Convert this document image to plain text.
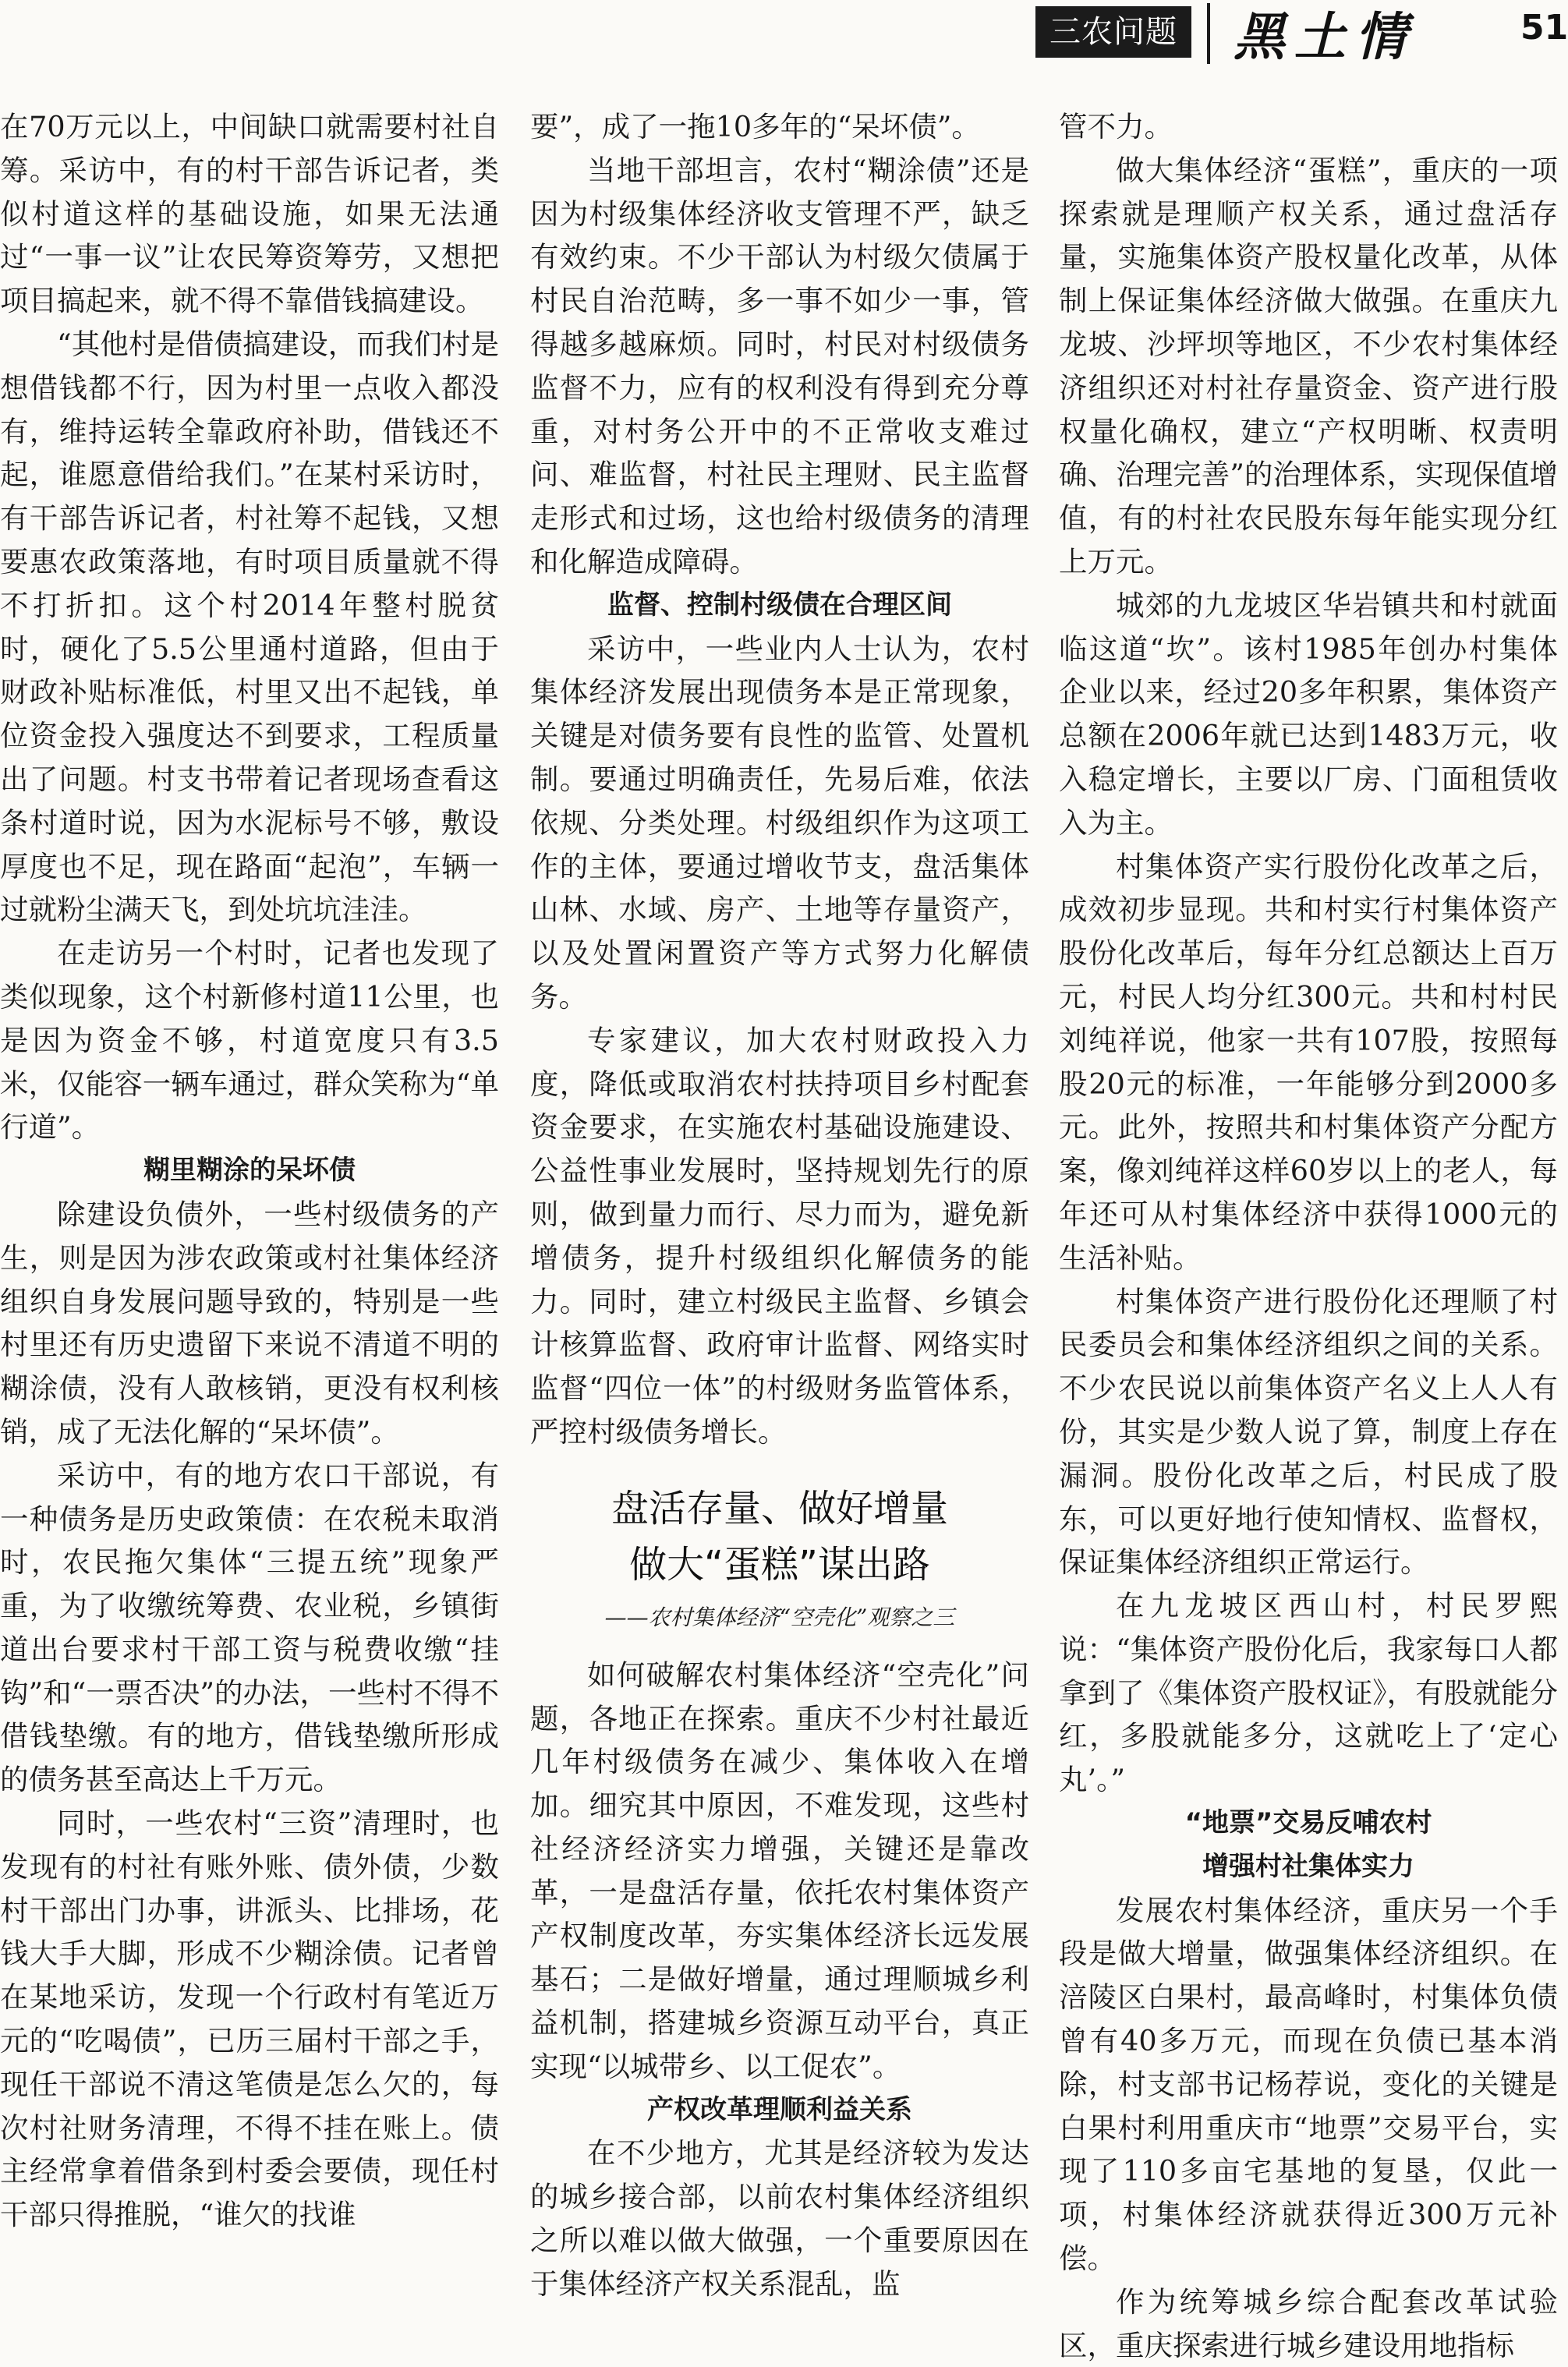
三农问题 黑土情	51

在70万元以上，中间缺口就需要村社自筹。采访中，有的村干部告诉记者，类似村道这样的基础设施，如果无法通过“一事一议”让农民筹资筹劳，又想把项目搞起来，就不得不靠借钱搞建设。

“其他村是借债搞建设，而我们村是想借钱都不行，因为村里一点收入都没有，维持运转全靠政府补助，借钱还不起，谁愿意借给我们。”在某村采访时，有干部告诉记者，村社筹不起钱，又想要惠农政策落地，有时项目质量就不得不打折扣。这个村2014年整村脱贫时，硬化了5.5公里通村道路，但由于财政补贴标准低，村里又出不起钱，单位资金投入强度达不到要求，工程质量出了问题。村支书带着记者现场查看这条村道时说，因为水泥标号不够，敷设厚度也不足，现在路面“起泡”，车辆一过就粉尘满天飞，到处坑坑洼洼。

在走访另一个村时，记者也发现了类似现象，这个村新修村道11公里，也是因为资金不够，村道宽度只有3.5米，仅能容一辆车通过，群众笑称为“单行道”。

糊里糊涂的呆坏债

除建设负债外，一些村级债务的产生，则是因为涉农政策或村社集体经济组织自身发展问题导致的，特别是一些村里还有历史遗留下来说不清道不明的糊涂债，没有人敢核销，更没有权利核销，成了无法化解的“呆坏债”。

采访中，有的地方农口干部说，有一种债务是历史政策债：在农税未取消时，农民拖欠集体“三提五统”现象严重，为了收缴统筹费、农业税，乡镇街道出台要求村干部工资与税费收缴“挂钩”和“一票否决”的办法，一些村不得不借钱垫缴。有的地方，借钱垫缴所形成的债务甚至高达上千万元。

同时，一些农村“三资”清理时，也发现有的村社有账外账、债外债，少数村干部出门办事，讲派头、比排场，花钱大手大脚，形成不少糊涂债。记者曾在某地采访，发现一个行政村有笔近万元的“吃喝债”，已历三届村干部之手，现任干部说不清这笔债是怎么欠的，每次村社财务清理，不得不挂在账上。债主经常拿着借条到村委会要债，现任村干部只得推脱，“谁欠的找谁

要”，成了一拖10多年的“呆坏债”。

当地干部坦言，农村“糊涂债”还是因为村级集体经济收支管理不严，缺乏有效约束。不少干部认为村级欠债属于村民自治范畴，多一事不如少一事，管得越多越麻烦。同时，村民对村级债务监督不力，应有的权利没有得到充分尊重，对村务公开中的不正常收支难过问、难监督，村社民主理财、民主监督走形式和过场，这也给村级债务的清理和化解造成障碍。

监督、控制村级债在合理区间

采访中，一些业内人士认为，农村集体经济发展出现债务本是正常现象，关键是对债务要有良性的监管、处置机制。要通过明确责任，先易后难，依法依规、分类处理。村级组织作为这项工作的主体，要通过增收节支，盘活集体山林、水域、房产、土地等存量资产，以及处置闲置资产等方式努力化解债务。

专家建议，加大农村财政投入力度，降低或取消农村扶持项目乡村配套资金要求，在实施农村基础设施建设、公益性事业发展时，坚持规划先行的原则，做到量力而行、尽力而为，避免新增债务，提升村级组织化解债务的能力。同时，建立村级民主监督、乡镇会计核算监督、政府审计监督、网络实时监督“四位一体”的村级财务监管体系，严控村级债务增长。

盘活存量、做好增量
做大“蛋糕”谋出路
——农村集体经济“空壳化”观察之三

如何破解农村集体经济“空壳化”问题，各地正在探索。重庆不少村社最近几年村级债务在减少、集体收入在增加。细究其中原因，不难发现，这些村社经济经济实力增强，关键还是靠改革，一是盘活存量，依托农村集体资产产权制度改革，夯实集体经济长远发展基石；二是做好增量，通过理顺城乡利益机制，搭建城乡资源互动平台，真正实现“以城带乡、以工促农”。

产权改革理顺利益关系

在不少地方，尤其是经济较为发达的城乡接合部，以前农村集体经济组织之所以难以做大做强，一个重要原因在于集体经济产权关系混乱，监

管不力。

做大集体经济“蛋糕”，重庆的一项探索就是理顺产权关系，通过盘活存量，实施集体资产股权量化改革，从体制上保证集体经济做大做强。在重庆九龙坡、沙坪坝等地区，不少农村集体经济组织还对村社存量资金、资产进行股权量化确权，建立“产权明晰、权责明确、治理完善”的治理体系，实现保值增值，有的村社农民股东每年能实现分红上万元。

城郊的九龙坡区华岩镇共和村就面临这道“坎”。该村1985年创办村集体企业以来，经过20多年积累，集体资产总额在2006年就已达到1483万元，收入稳定增长，主要以厂房、门面租赁收入为主。

村集体资产实行股份化改革之后，成效初步显现。共和村实行村集体资产股份化改革后，每年分红总额达上百万元，村民人均分红300元。共和村村民刘纯祥说，他家一共有107股，按照每股20元的标准，一年能够分到2000多元。此外，按照共和村集体资产分配方案，像刘纯祥这样60岁以上的老人，每年还可从村集体经济中获得1000元的生活补贴。

村集体资产进行股份化还理顺了村民委员会和集体经济组织之间的关系。不少农民说以前集体资产名义上人人有份，其实是少数人说了算，制度上存在漏洞。股份化改革之后，村民成了股东，可以更好地行使知情权、监督权，保证集体经济组织正常运行。

在九龙坡区西山村，村民罗熙说：“集体资产股份化后，我家每口人都拿到了《集体资产股权证》，有股就能分红，多股就能多分，这就吃上了‘定心丸’。”

“地票”交易反哺农村
增强村社集体实力

发展农村集体经济，重庆另一个手段是做大增量，做强集体经济组织。在涪陵区白果村，最高峰时，村集体负债曾有40多万元，而现在负债已基本消除，村支部书记杨荐说，变化的关键是白果村利用重庆市“地票”交易平台，实现了110多亩宅基地的复垦，仅此一项，村集体经济就获得近300万元补偿。

作为统筹城乡综合配套改革试验区，重庆探索进行城乡建设用地指标
